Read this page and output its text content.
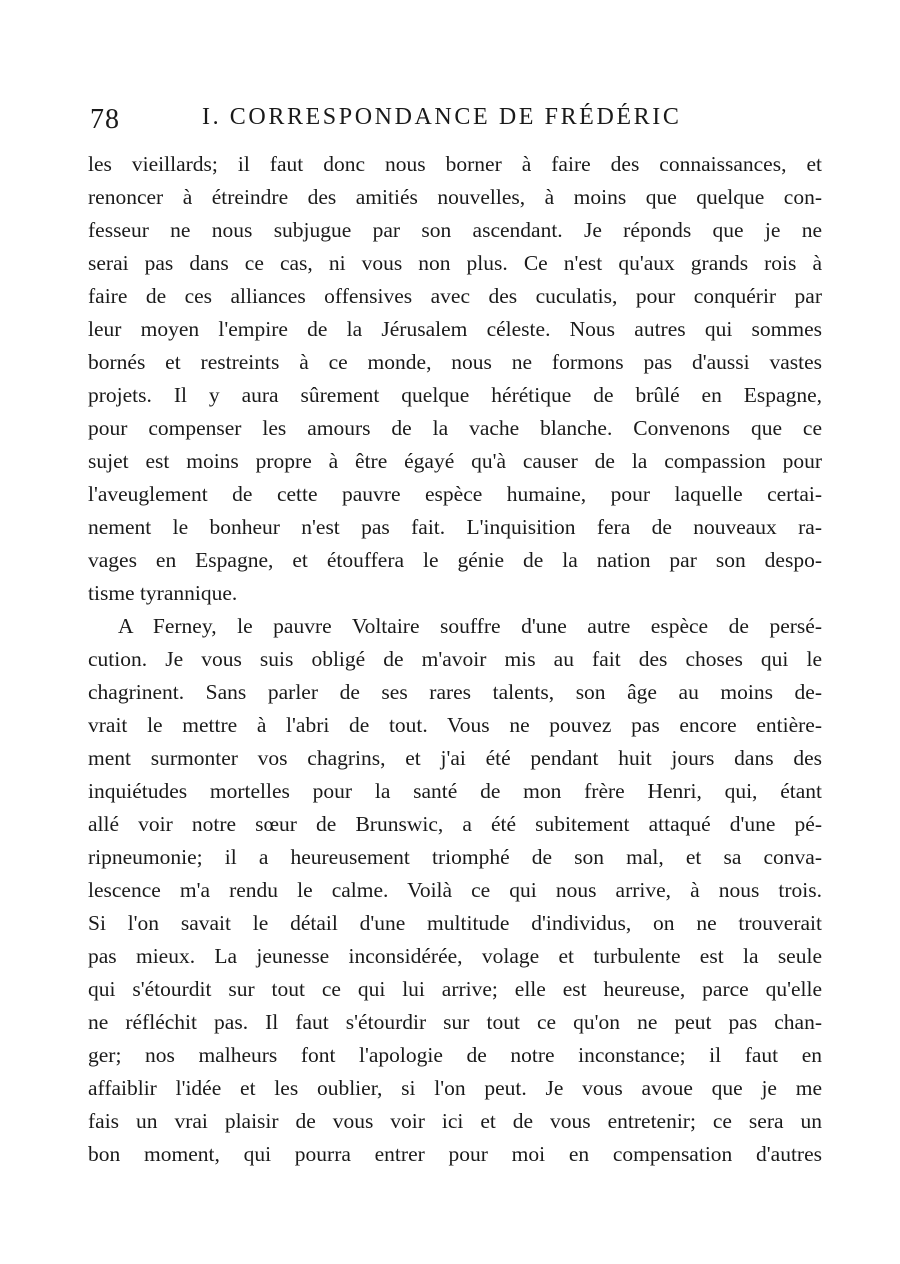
78	I. CORRESPONDANCE DE FRÉDÉRIC
les vieillards; il faut donc nous borner à faire des connaissances, et
renoncer à étreindre des amitiés nouvelles, à moins que quelque con-
fesseur ne nous subjugue par son ascendant. Je réponds que je ne
serai pas dans ce cas, ni vous non plus. Ce n'est qu'aux grands rois à
faire de ces alliances offensives avec des cuculatis, pour conquérir par
leur moyen l'empire de la Jérusalem céleste. Nous autres qui sommes
bornés et restreints à ce monde, nous ne formons pas d'aussi vastes
projets. Il y aura sûrement quelque hérétique de brûlé en Espagne,
pour compenser les amours de la vache blanche. Convenons que ce
sujet est moins propre à être égayé qu'à causer de la compassion pour
l'aveuglement de cette pauvre espèce humaine, pour laquelle certai-
nement le bonheur n'est pas fait. L'inquisition fera de nouveaux ra-
vages en Espagne, et étouffera le génie de la nation par son despo-
tisme tyrannique.
A Ferney, le pauvre Voltaire souffre d'une autre espèce de persé-
cution. Je vous suis obligé de m'avoir mis au fait des choses qui le
chagrinent. Sans parler de ses rares talents, son âge au moins de-
vrait le mettre à l'abri de tout. Vous ne pouvez pas encore entière-
ment surmonter vos chagrins, et j'ai été pendant huit jours dans des
inquiétudes mortelles pour la santé de mon frère Henri, qui, étant
allé voir notre sœur de Brunswic, a été subitement attaqué d'une pé-
ripneumonie; il a heureusement triomphé de son mal, et sa conva-
lescence m'a rendu le calme. Voilà ce qui nous arrive, à nous trois.
Si l'on savait le détail d'une multitude d'individus, on ne trouverait
pas mieux. La jeunesse inconsidérée, volage et turbulente est la seule
qui s'étourdit sur tout ce qui lui arrive; elle est heureuse, parce qu'elle
ne réfléchit pas. Il faut s'étourdir sur tout ce qu'on ne peut pas chan-
ger; nos malheurs font l'apologie de notre inconstance; il faut en
affaiblir l'idée et les oublier, si l'on peut. Je vous avoue que je me
fais un vrai plaisir de vous voir ici et de vous entretenir; ce sera un
bon moment, qui pourra entrer pour moi en compensation d'autres
